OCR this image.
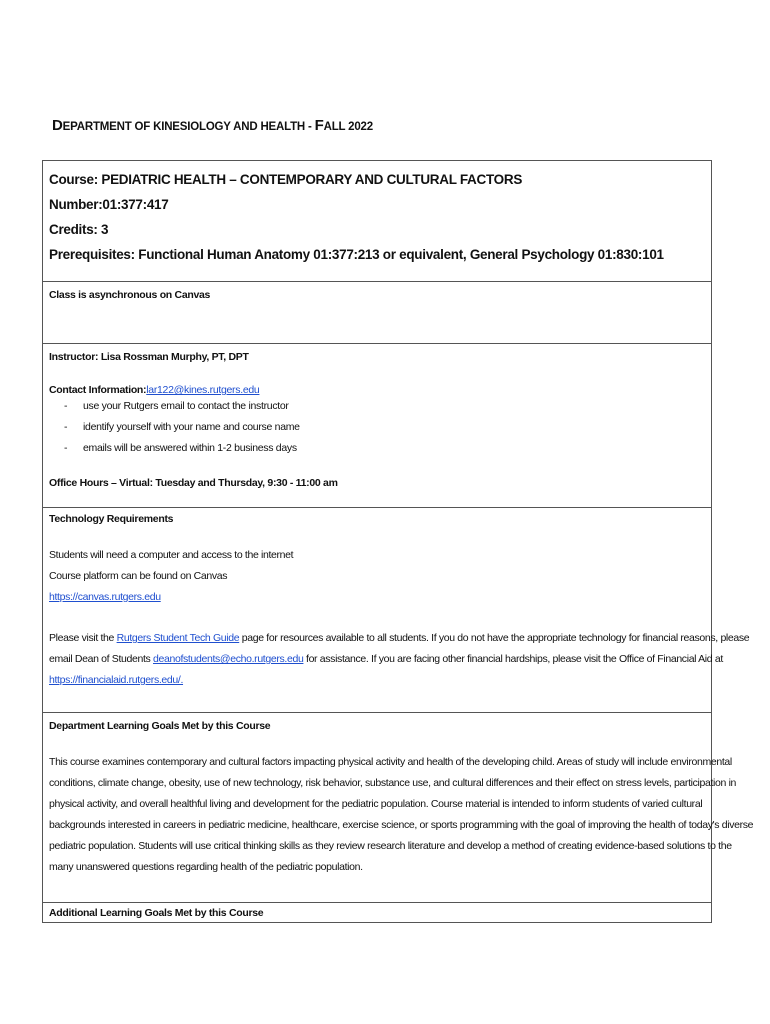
DEPARTMENT OF KINESIOLOGY AND HEALTH - FALL 2022
Course: PEDIATRIC HEALTH – CONTEMPORARY AND CULTURAL FACTORS
Number:01:377:417
Credits: 3
Prerequisites: Functional Human Anatomy 01:377:213 or equivalent, General Psychology 01:830:101
Class is asynchronous on Canvas
Instructor: Lisa Rossman Murphy, PT, DPT
Contact Information:lar122@kines.rutgers.edu
- use your Rutgers email to contact the instructor
- identify yourself with your name and course name
- emails will be answered within 1-2 business days
Office Hours – Virtual: Tuesday and Thursday, 9:30 - 11:00 am
Technology Requirements
Students will need a computer and access to the internet
Course platform can be found on Canvas
https://canvas.rutgers.edu
Please visit the Rutgers Student Tech Guide page for resources available to all students. If you do not have the appropriate technology for financial reasons, please
email Dean of Students deanofstudents@echo.rutgers.edu for assistance. If you are facing other financial hardships, please visit the Office of Financial Aid at
https://financialaid.rutgers.edu/.
Department Learning Goals Met by this Course
This course examines contemporary and cultural factors impacting physical activity and health of the developing child. Areas of study will include environmental
conditions, climate change, obesity, use of new technology, risk behavior, substance use, and cultural differences and their effect on stress levels, participation in
physical activity, and overall healthful living and development for the pediatric population. Course material is intended to inform students of varied cultural
backgrounds interested in careers in pediatric medicine, healthcare, exercise science, or sports programming with the goal of improving the health of today's diverse
pediatric population. Students will use critical thinking skills as they review research literature and develop a method of creating evidence-based solutions to the
many unanswered questions regarding health of the pediatric population.
Additional Learning Goals Met by this Course
